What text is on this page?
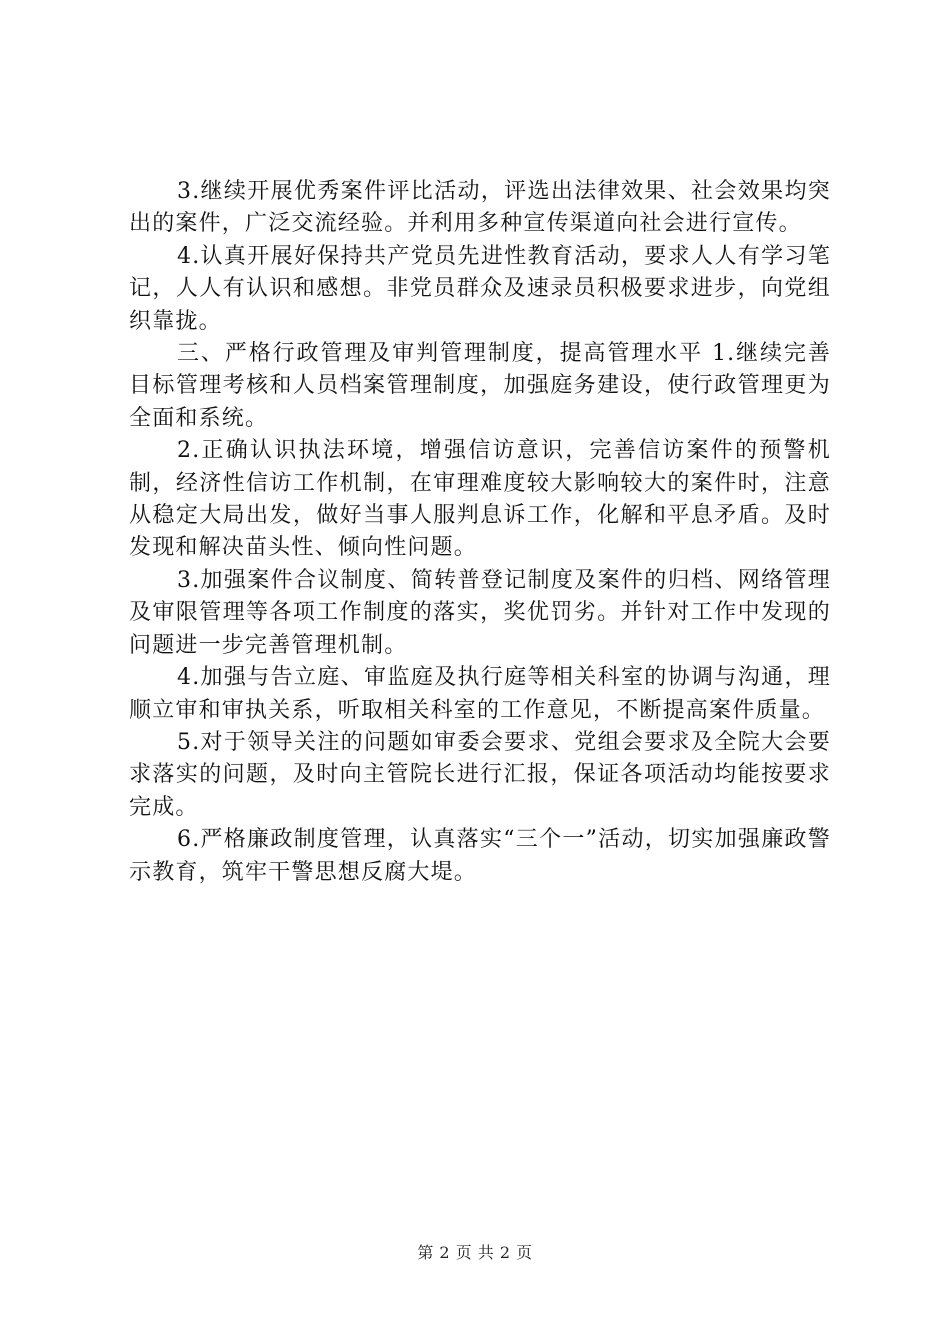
3.继续开展优秀案件评比活动，评选出法律效果、社会效果均突出的案件，广泛交流经验。并利用多种宣传渠道向社会进行宣传。

4.认真开展好保持共产党员先进性教育活动，要求人人有学习笔记，人人有认识和感想。非党员群众及速录员积极要求进步，向党组织靠拢。

三、严格行政管理及审判管理制度，提高管理水平 1.继续完善目标管理考核和人员档案管理制度，加强庭务建设，使行政管理更为全面和系统。

2.正确认识执法环境，增强信访意识，完善信访案件的预警机制，经济性信访工作机制，在审理难度较大影响较大的案件时，注意从稳定大局出发，做好当事人服判息诉工作，化解和平息矛盾。及时发现和解决苗头性、倾向性问题。

3.加强案件合议制度、简转普登记制度及案件的归档、网络管理及审限管理等各项工作制度的落实，奖优罚劣。并针对工作中发现的问题进一步完善管理机制。

4.加强与告立庭、审监庭及执行庭等相关科室的协调与沟通，理顺立审和审执关系，听取相关科室的工作意见，不断提高案件质量。

5.对于领导关注的问题如审委会要求、党组会要求及全院大会要求落实的问题，及时向主管院长进行汇报，保证各项活动均能按要求完成。

6.严格廉政制度管理，认真落实“三个一”活动，切实加强廉政警示教育，筑牢干警思想反腐大堤。

第 2 页 共 2 页
